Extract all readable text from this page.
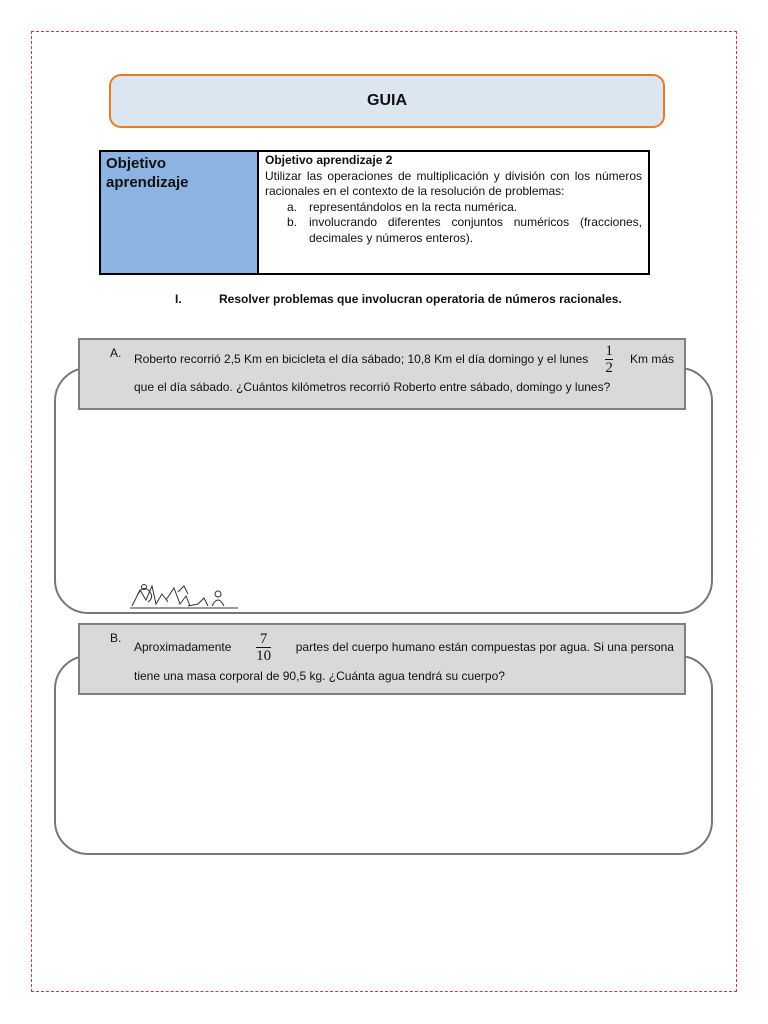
GUIA
Objetivo aprendizaje
Objetivo aprendizaje 2
Utilizar las operaciones de multiplicación y división con los números racionales en el contexto de la resolución de problemas:
a. representándolos en la recta numérica.
b. involucrando diferentes conjuntos numéricos (fracciones, decimales y números enteros).
I.	Resolver problemas que involucran operatoria de números racionales.
A.	Roberto recorrió 2,5 Km en bicicleta el día sábado; 10,8 Km el día domingo y el lunes $\frac{1}{2}$ Km más
que el día sábado. ¿Cuántos kilómetros recorrió Roberto entre sábado, domingo y lunes?
B.
Aproximadamente $\frac{7}{10}$ partes del cuerpo humano están compuestas por agua. Si una persona
tiene una masa corporal de 90,5 kg. ¿Cuánta agua tendrá su cuerpo?
